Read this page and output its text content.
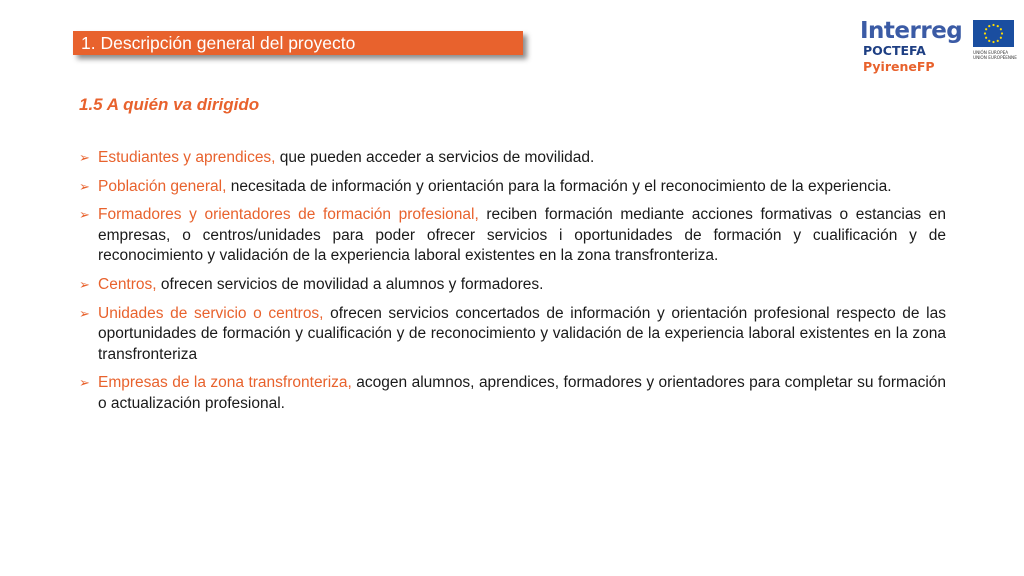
1. Descripción general del proyecto	Interreg
POCTEFA
PyireneFP
UNIÓN EUROPEA
UNION EUROPÉENNE
1.5 A quién va dirigido
➢ Estudiantes y aprendices, que pueden acceder a servicios de movilidad.
➢ Población general, necesitada de información y orientación para la formación y el reconocimiento de la experiencia.
➢ Formadores y orientadores de formación profesional, reciben formación mediante acciones formativas o estancias en empresas, o centros/unidades para poder ofrecer servicios i oportunidades de formación y cualificación y de reconocimiento y validación de la experiencia laboral existentes en la zona transfronteriza.
➢ Centros, ofrecen servicios de movilidad a alumnos y formadores.
➢ Unidades de servicio o centros, ofrecen servicios concertados de información y orientación profesional respecto de las oportunidades de formación y cualificación y de reconocimiento y validación de la experiencia laboral existentes en la zona transfronteriza
➢ Empresas de la zona transfronteriza, acogen alumnos, aprendices, formadores y orientadores para completar su formación o actualización profesional.
